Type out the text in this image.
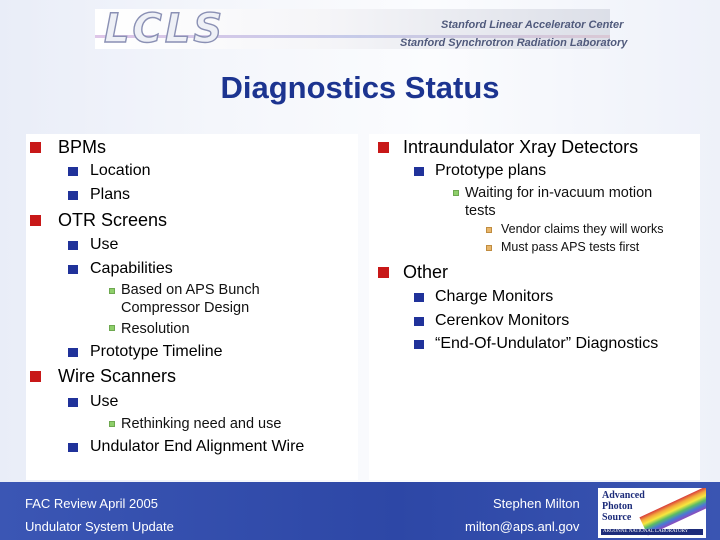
LCLS	Stanford Linear Accelerator Center
Stanford Synchrotron Radiation Laboratory
Diagnostics Status
BPMs
Location
Plans
OTR Screens
Use
Capabilities
Based on APS Bunch
Compressor Design
Resolution
Prototype Timeline
Wire Scanners
Use
Rethinking need and use
Undulator End Alignment Wire
Intraundulator Xray Detectors
Prototype plans
Waiting for in-vacuum motion
tests
Vendor claims they will works
Must pass APS tests first
Other
Charge Monitors
Cerenkov Monitors
“End-Of-Undulator” Diagnostics
FAC Review April 2005
Undulator System Update
Stephen Milton
milton@aps.anl.gov
Advanced
Photon
Source
ARGONNE NATIONAL LABORATORY
